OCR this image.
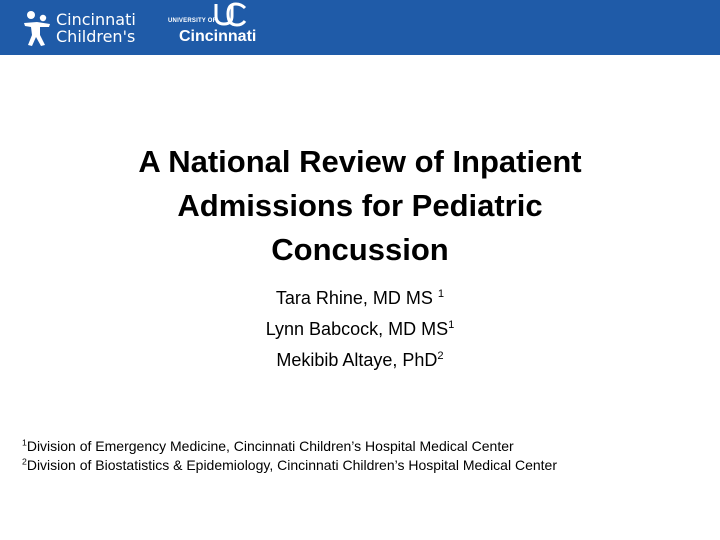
Cincinnati
Children's
UNIVERSITY OF
Cincinnati
A National Review of Inpatient
Admissions for Pediatric
Concussion
Tara Rhine, MD MS $^1$
Lynn Babcock, MD $MS^1$
Mekibib Altaye, PhD$^2$
$^1$Division of Emergency Medicine, Cincinnati Children’s Hospital Medical Center
$^2$Division of Biostatistics & Epidemiology, Cincinnati Children’s Hospital Medical Center
